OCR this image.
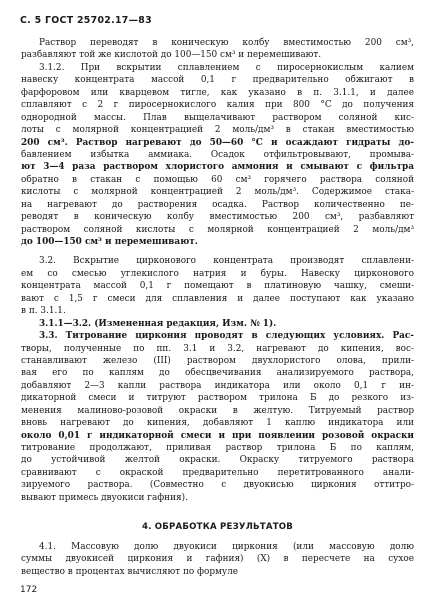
С. 5 ГОСТ 25702.17—83
Раствор переводят в коническую колбу вместимостью 200 см³,
разбавляют той же кислотой до 100—150 см³ и перемешивают.
3.1.2. При вскрытии сплавлением с пиросернокислым калием
навеску концентрата массой 0,1 г предварительно обжигают в
фарфоровом или кварцевом тигле, как указано в п. 3.1.1, и далее
сплавляют с 2 г пиросернокислого калия при 800 °С до получения
однородной массы. Плав выщелачивают раствором соляной кис-
лоты с молярной концентрацией 2 моль/дм³ в стакан вместимостью
200 см³. Раствор нагревают до 50—60 °С и осаждают гидраты до-
бавлением избытка аммиака. Осадок отфильтровывают, промыва-
ют 3—4 раза раствором хлористого аммония и смывают с фильтра
обратно в стакан с помощью 60 см³ горячего раствора соляной
кислоты с молярной концентрацией 2 моль/дм³. Содержимое стака-
на нагревают до растворения осадка. Раствор количественно пе-
реводят в коническую колбу вместимостью 200 см³, разбавляют
раствором соляной кислоты с молярной концентрацией 2 моль/дм³
до 100—150 см³ и перемешивают.
3.2. Вскрытие цирконового концентрата производят сплавлени-
ем со смесью углекислого натрия и буры. Навеску цирконового
концентрата массой 0,1 г помещают в платиновую чашку, смеши-
вают с 1,5 г смеси для сплавления и далее поступают как указано
в п. 3.1.1.
3.1.1—3.2. (Измененная редакция, Изм. № 1).
3.3. Титрование циркония проводят в следующих условиях. Рас-
творы, полученные по пп. 3.1 и 3.2, нагревают до кипения, вос-
станавливают железо (III) раствором двухлористого олова, прили-
вая его по каплям до обесцвечивания анализируемого раствора,
добавляют 2—3 капли раствора индикатора или около 0,1 г ин-
дикаторной смеси и титруют раствором трилона Б до резкого из-
менения малиново-розовой окраски в желтую. Титруемый раствор
вновь нагревают до кипения, добавляют 1 каплю индикатора или
около 0,01 г индикаторной смеси и при появлении розовой окраски
титрование продолжают, приливая раствор трилона Б по каплям,
до устойчивой желтой окраски. Окраску титруемого раствора
сравнивают с окраской предварительно перетитрованного анали-
зируемого раствора. (Совместно с двуокисью циркония оттитро-
вывают примесь двуокиси гафния).
4. ОБРАБОТКА РЕЗУЛЬТАТОВ
4.1. Массовую долю двуокиси циркония (или массовую долю
суммы двуокисей циркония и гафния) (X) в пересчете на сухое
вещество в процентах вычисляют по формуле
172
